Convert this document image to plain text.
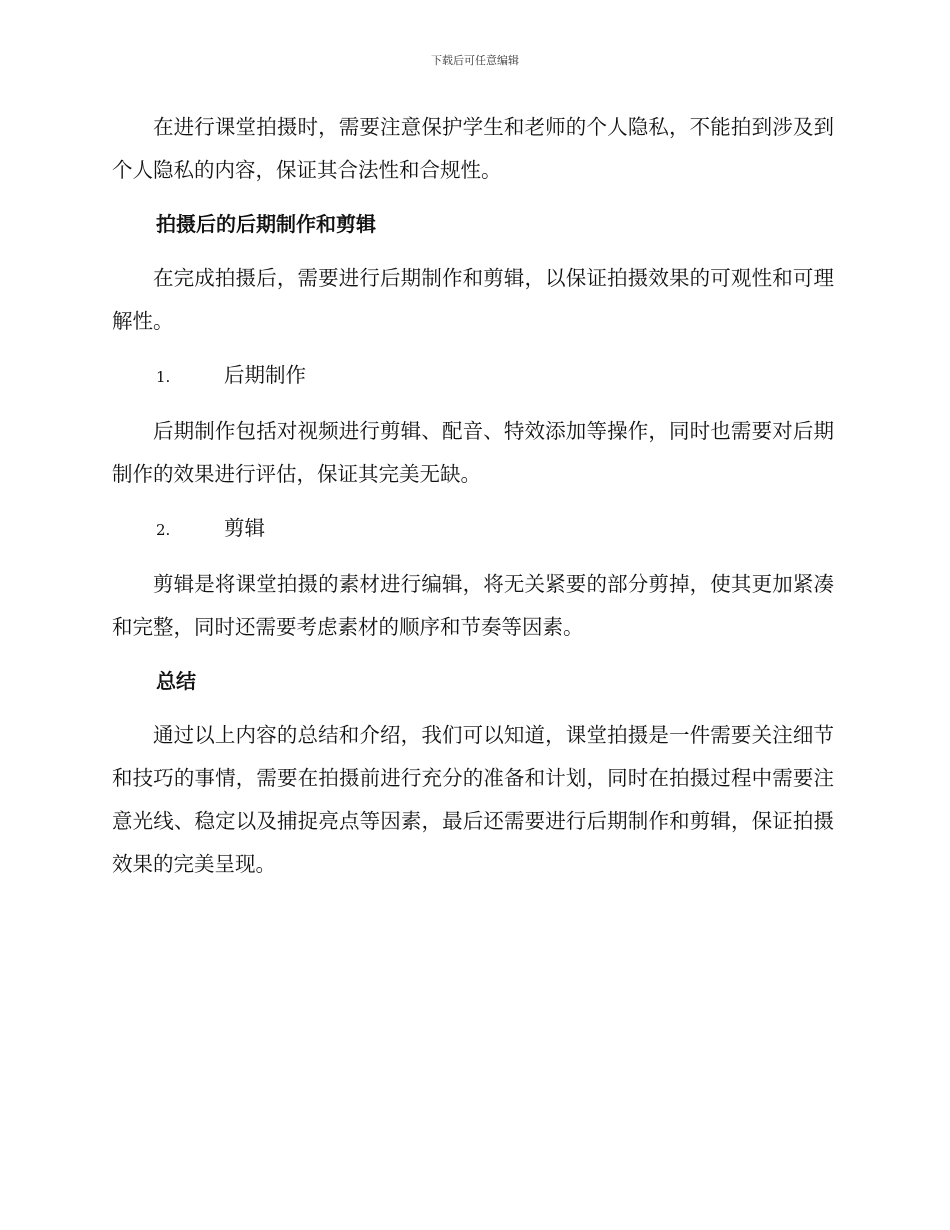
下载后可任意编辑

在进行课堂拍摄时，需要注意保护学生和老师的个人隐私，不能拍到涉及到个人隐私的内容，保证其合法性和合规性。

拍摄后的后期制作和剪辑

在完成拍摄后，需要进行后期制作和剪辑，以保证拍摄效果的可观性和可理解性。

1.	后期制作

后期制作包括对视频进行剪辑、配音、特效添加等操作，同时也需要对后期制作的效果进行评估，保证其完美无缺。

2.	剪辑

剪辑是将课堂拍摄的素材进行编辑，将无关紧要的部分剪掉，使其更加紧凑和完整，同时还需要考虑素材的顺序和节奏等因素。

总结

通过以上内容的总结和介绍，我们可以知道，课堂拍摄是一件需要关注细节和技巧的事情，需要在拍摄前进行充分的准备和计划，同时在拍摄过程中需要注意光线、稳定以及捕捉亮点等因素，最后还需要进行后期制作和剪辑，保证拍摄效果的完美呈现。
